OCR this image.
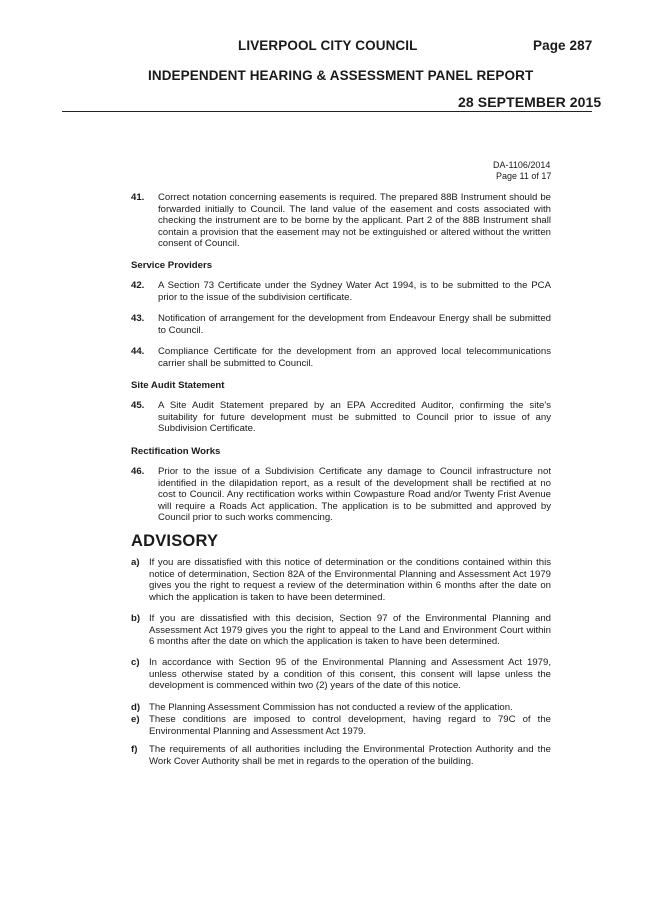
LIVERPOOL CITY COUNCIL	Page 287
INDEPENDENT HEARING & ASSESSMENT PANEL REPORT
28 SEPTEMBER 2015
DA-1106/2014
Page 11 of 17
41.	Correct notation concerning easements is required. The prepared 88B Instrument should be forwarded initially to Council. The land value of the easement and costs associated with checking the instrument are to be borne by the applicant. Part 2 of the 88B Instrument shall contain a provision that the easement may not be extinguished or altered without the written consent of Council.
Service Providers
42.	A Section 73 Certificate under the Sydney Water Act 1994, is to be submitted to the PCA prior to the issue of the subdivision certificate.
43.	Notification of arrangement for the development from Endeavour Energy shall be submitted to Council.
44.	Compliance Certificate for the development from an approved local telecommunications carrier shall be submitted to Council.
Site Audit Statement
45.	A Site Audit Statement prepared by an EPA Accredited Auditor, confirming the site's suitability for future development must be submitted to Council prior to issue of any Subdivision Certificate.
Rectification Works
46.	Prior to the issue of a Subdivision Certificate any damage to Council infrastructure not identified in the dilapidation report, as a result of the development shall be rectified at no cost to Council. Any rectification works within Cowpasture Road and/or Twenty Frist Avenue will require a Roads Act application. The application is to be submitted and approved by Council prior to such works commencing.
ADVISORY
a) If you are dissatisfied with this notice of determination or the conditions contained within this notice of determination, Section 82A of the Environmental Planning and Assessment Act 1979 gives you the right to request a review of the determination within 6 months after the date on which the application is taken to have been determined.
b) If you are dissatisfied with this decision, Section 97 of the Environmental Planning and Assessment Act 1979 gives you the right to appeal to the Land and Environment Court within 6 months after the date on which the application is taken to have been determined.
c) In accordance with Section 95 of the Environmental Planning and Assessment Act 1979, unless otherwise stated by a condition of this consent, this consent will lapse unless the development is commenced within two (2) years of the date of this notice.
d) The Planning Assessment Commission has not conducted a review of the application.
e) These conditions are imposed to control development, having regard to 79C of the Environmental Planning and Assessment Act 1979.
f) The requirements of all authorities including the Environmental Protection Authority and the Work Cover Authority shall be met in regards to the operation of the building.
